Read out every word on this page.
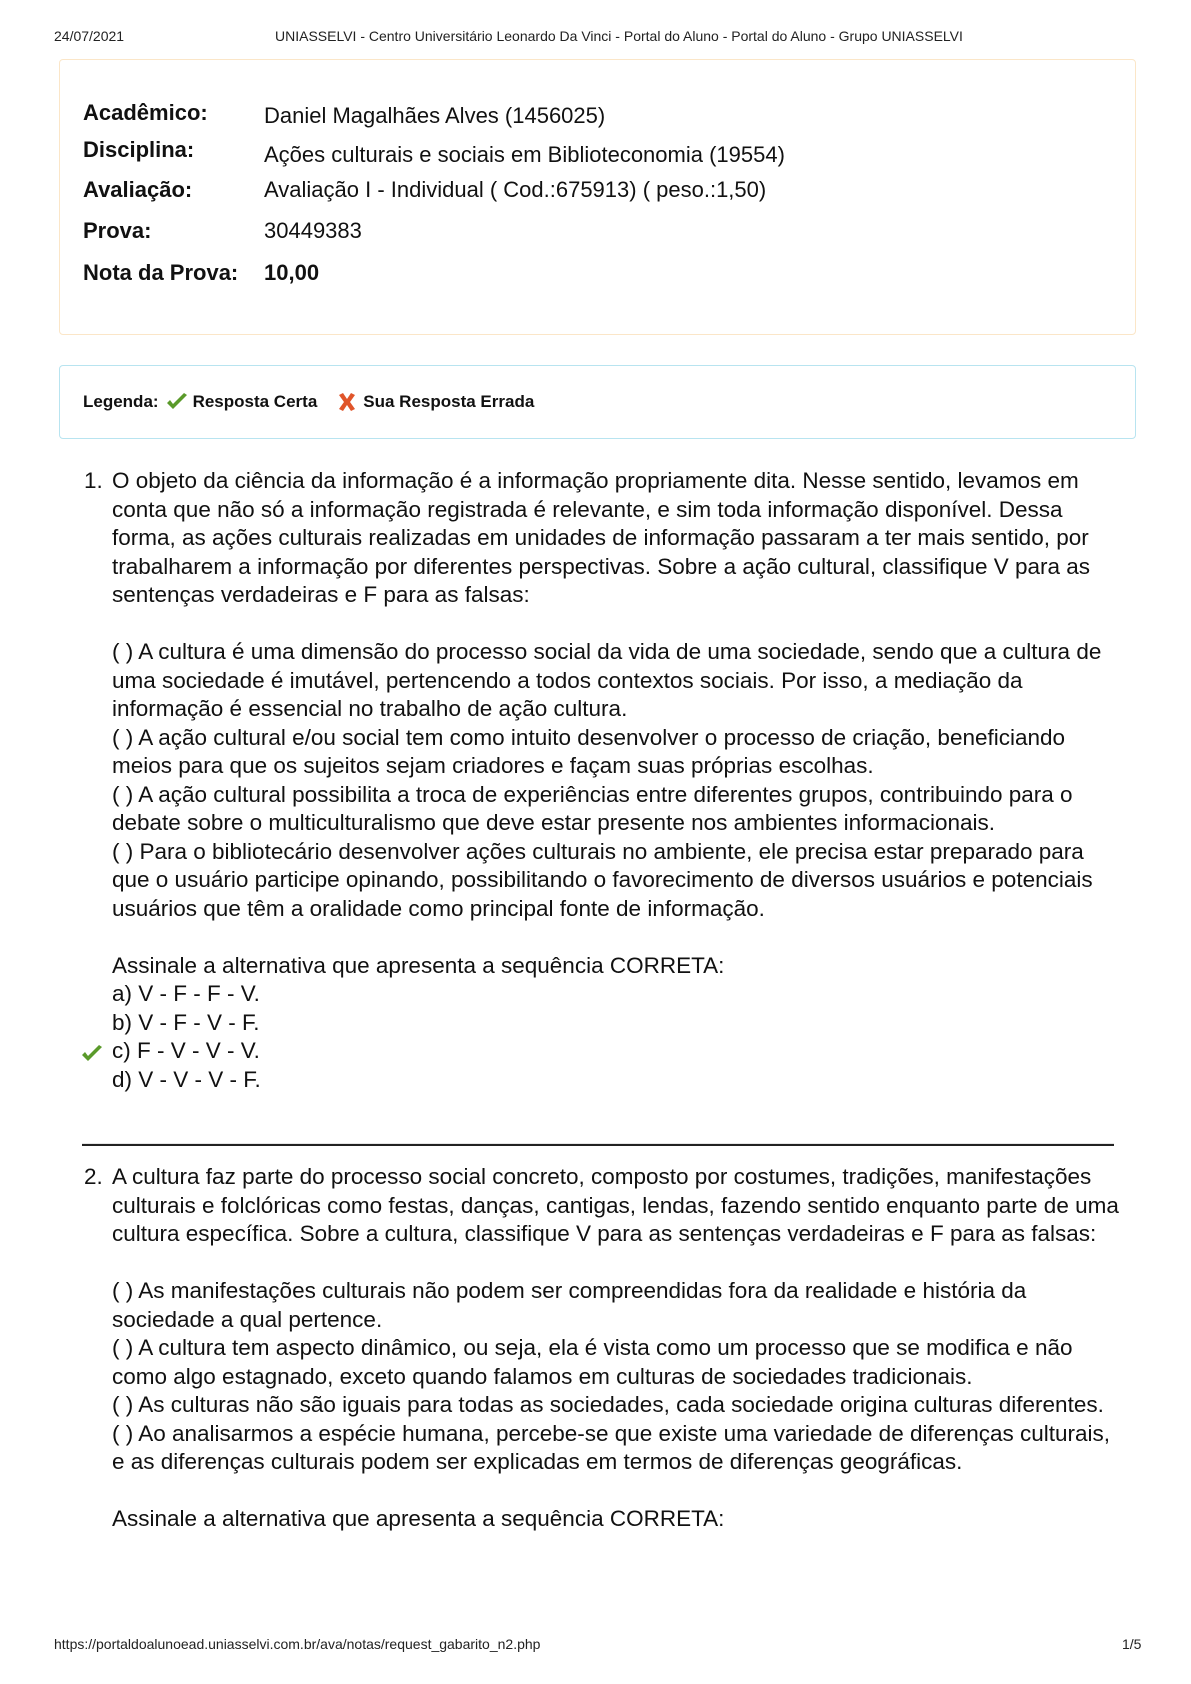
24/07/2021	UNIASSELVI - Centro Universitário Leonardo Da Vinci - Portal do Aluno - Portal do Aluno - Grupo UNIASSELVI
Acadêmico:	Daniel Magalhães Alves (1456025)
Disciplina:	Ações culturais e sociais em Biblioteconomia (19554)
Avaliação:	Avaliação I - Individual ( Cod.:675913) ( peso.:1,50)
Prova:	30449383
Nota da Prova: 10,00
Legenda: Resposta Certa	Sua Resposta Errada
1. O objeto da ciência da informação é a informação propriamente dita. Nesse sentido, levamos em conta que não só a informação registrada é relevante, e sim toda informação disponível. Dessa forma, as ações culturais realizadas em unidades de informação passaram a ter mais sentido, por trabalharem a informação por diferentes perspectivas. Sobre a ação cultural, classifique V para as sentenças verdadeiras e F para as falsas:

( ) A cultura é uma dimensão do processo social da vida de uma sociedade, sendo que a cultura de uma sociedade é imutável, pertencendo a todos contextos sociais. Por isso, a mediação da informação é essencial no trabalho de ação cultura.

( ) A ação cultural e/ou social tem como intuito desenvolver o processo de criação, beneficiando meios para que os sujeitos sejam criadores e façam suas próprias escolhas.

( ) A ação cultural possibilita a troca de experiências entre diferentes grupos, contribuindo para o debate sobre o multiculturalismo que deve estar presente nos ambientes informacionais.

( ) Para o bibliotecário desenvolver ações culturais no ambiente, ele precisa estar preparado para que o usuário participe opinando, possibilitando o favorecimento de diversos usuários e potenciais usuários que têm a oralidade como principal fonte de informação.

Assinale a alternativa que apresenta a sequência CORRETA:

a) V - F - F - V.
b) V - F - V - F.
c) F - V - V - V.
d) V - V - V - F.
2. A cultura faz parte do processo social concreto, composto por costumes, tradições, manifestações culturais e folclóricas como festas, danças, cantigas, lendas, fazendo sentido enquanto parte de uma cultura específica. Sobre a cultura, classifique V para as sentenças verdadeiras e F para as falsas:

( ) As manifestações culturais não podem ser compreendidas fora da realidade e história da sociedade a qual pertence.

( ) A cultura tem aspecto dinâmico, ou seja, ela é vista como um processo que se modifica e não como algo estagnado, exceto quando falamos em culturas de sociedades tradicionais.

( ) As culturas não são iguais para todas as sociedades, cada sociedade origina culturas diferentes.

( ) Ao analisarmos a espécie humana, percebe-se que existe uma variedade de diferenças culturais, e as diferenças culturais podem ser explicadas em termos de diferenças geográficas.

Assinale a alternativa que apresenta a sequência CORRETA:

https://portaldoalunoead.uniasselvi.com.br/ava/notas/request_gabarito_n2.php	1/5
